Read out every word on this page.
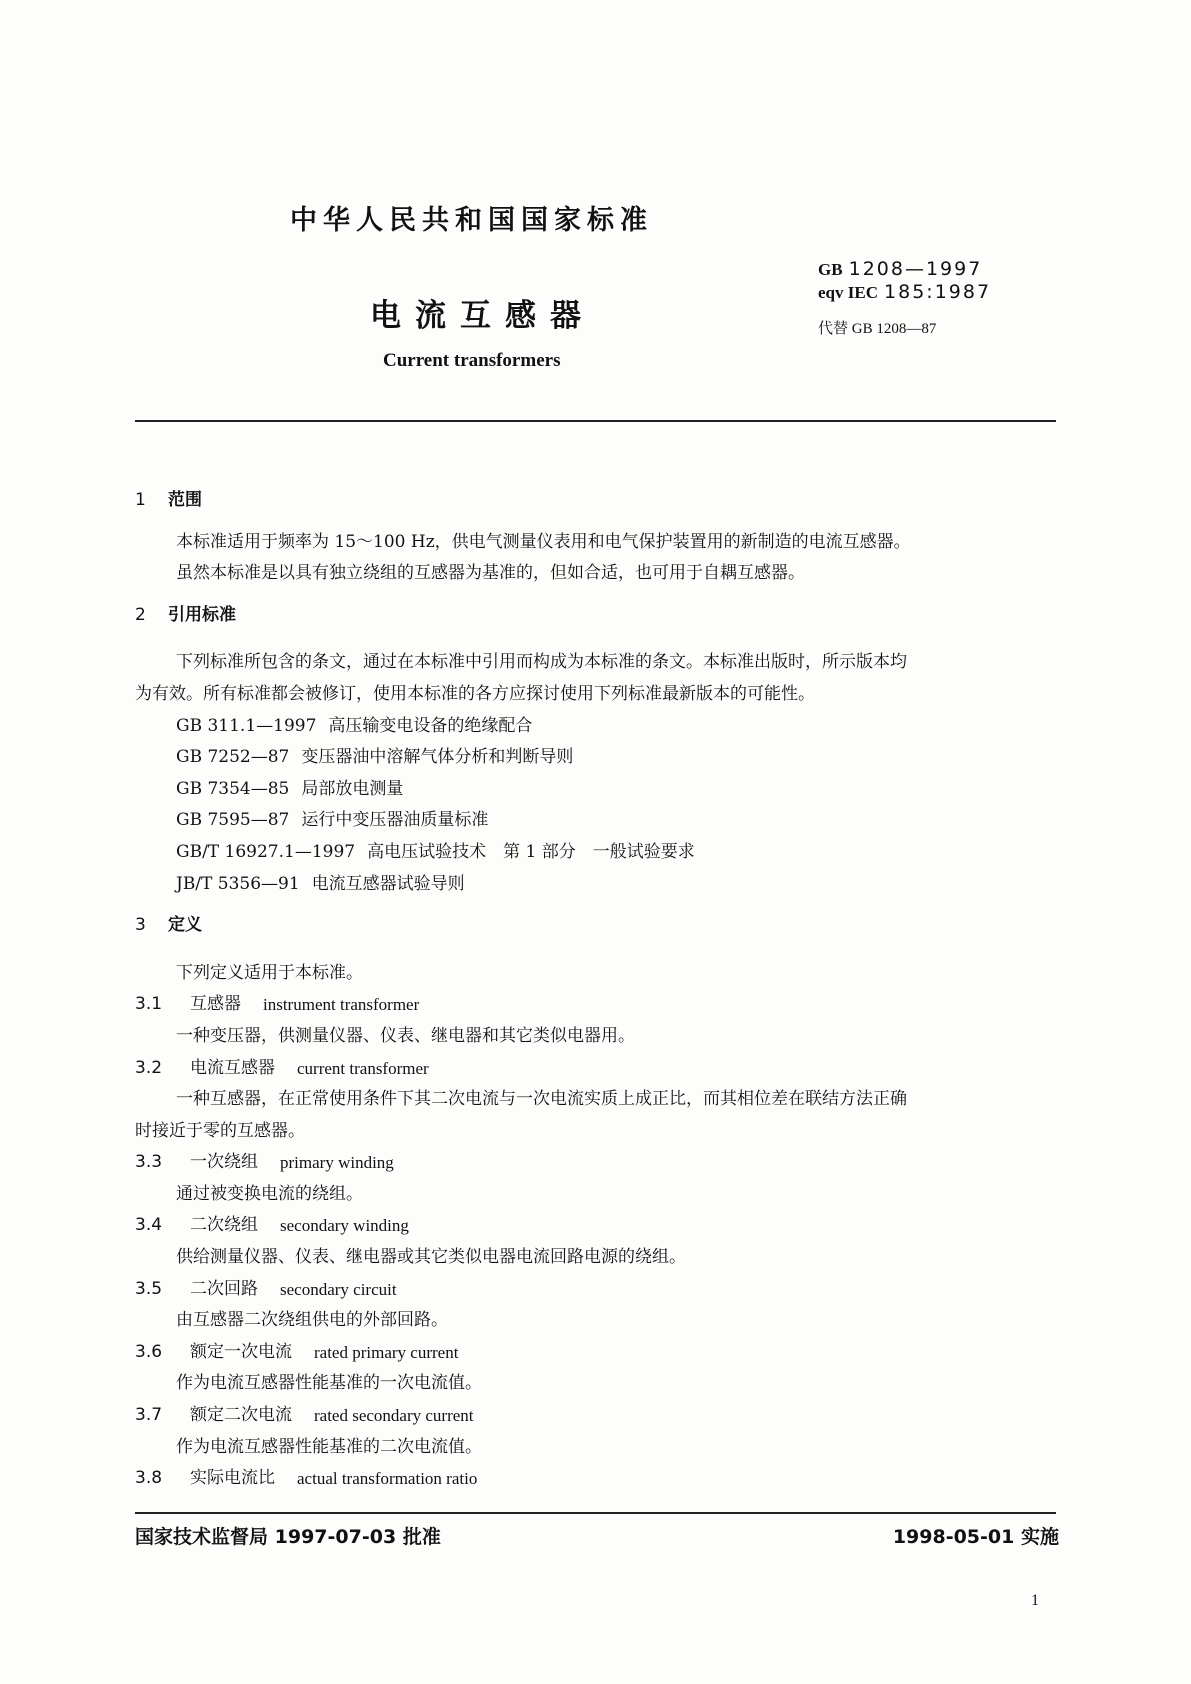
中华人民共和国国家标准
电流互感器
Current transformers
GB 1208—1997
eqv IEC 185:1987
代替 GB 1208—87
1	范围

本标准适用于频率为 15～100 Hz，供电气测量仪表用和电气保护装置用的新制造的电流互感器。

虽然本标准是以具有独立绕组的互感器为基准的，但如合适，也可用于自耦互感器。

2	引用标准

下列标准所包含的条文，通过在本标准中引用而构成为本标准的条文。本标准出版时，所示版本均

为有效。所有标准都会被修订，使用本标准的各方应探讨使用下列标准最新版本的可能性。

GB 311.1—1997 高压输变电设备的绝缘配合
GB 7252—87 变压器油中溶解气体分析和判断导则
GB 7354—85 局部放电测量
GB 7595—87 运行中变压器油质量标准
GB/T 16927.1—1997 高电压试验技术　第 1 部分　一般试验要求
JB/T 5356—91 电流互感器试验导则
3	定义

下列定义适用于本标准。

3.1	互感器 instrument transformer

一种变压器，供测量仪器、仪表、继电器和其它类似电器用。

3.2	电流互感器 current transformer

一种互感器，在正常使用条件下其二次电流与一次电流实质上成正比，而其相位差在联结方法正确

时接近于零的互感器。

3.3	一次绕组 primary winding

通过被变换电流的绕组。

3.4	二次绕组 secondary winding

供给测量仪器、仪表、继电器或其它类似电器电流回路电源的绕组。

3.5	二次回路 secondary circuit

由互感器二次绕组供电的外部回路。

3.6	额定一次电流 rated primary current

作为电流互感器性能基准的一次电流值。

3.7	额定二次电流 rated secondary current

作为电流互感器性能基准的二次电流值。

3.8	实际电流比 actual transformation ratio
国家技术监督局 1997-07-03 批准	1998-05-01 实施
1
